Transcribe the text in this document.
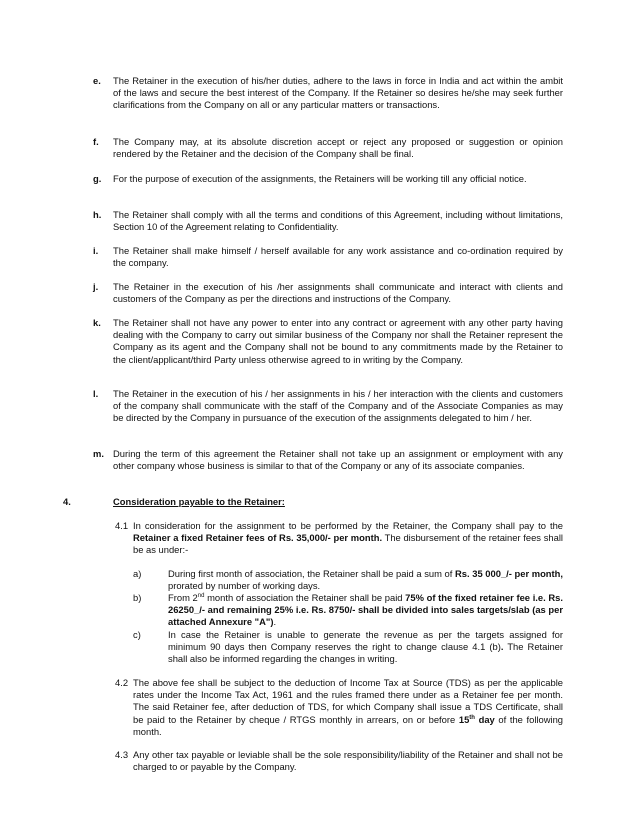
e. The Retainer in the execution of his/her duties, adhere to the laws in force in India and act within the ambit of the laws and secure the best interest of the Company. If the Retainer so desires he/she may seek further clarifications from the Company on all or any particular matters or transactions.

f. The Company may, at its absolute discretion accept or reject any proposed or suggestion or opinion rendered by the Retainer and the decision of the Company shall be final.

g. For the purpose of execution of the assignments, the Retainers will be working till any official notice.

h. The Retainer shall comply with all the terms and conditions of this Agreement, including without limitations, Section 10 of the Agreement relating to Confidentiality.

i. The Retainer shall make himself / herself available for any work assistance and co-ordination required by the company.

j. The Retainer in the execution of his /her assignments shall communicate and interact with clients and customers of the Company as per the directions and instructions of the Company.

k. The Retainer shall not have any power to enter into any contract or agreement with any other party having dealing with the Company to carry out similar business of the Company nor shall the Retainer represent the Company as its agent and the Company shall not be bound to any commitments made by the Retainer to the client/applicant/third Party unless otherwise agreed to in writing by the Company.

l. The Retainer in the execution of his / her assignments in his / her interaction with the clients and customers of the company shall communicate with the staff of the Company and of the Associate Companies as may be directed by the Company in pursuance of the execution of the assignments delegated to him / her.

m. During the term of this agreement the Retainer shall not take up an assignment or employment with any other company whose business is similar to that of the Company or any of its associate companies.

4.	Consideration payable to the Retainer:
4.1 In consideration for the assignment to be performed by the Retainer, the Company shall pay to the Retainer a fixed Retainer fees of Rs. 35,000/- per month. The disbursement of the retainer fees shall be as under:-

a)	During first month of association, the Retainer shall be paid a sum of Rs. 35 000_/- per month, prorated by number of working days.

b)	From 2nd month of association the Retainer shall be paid 75% of the fixed retainer fee i.e. Rs. 26250_/- and remaining 25% i.e. Rs. 8750/- shall be divided into sales targets/slab (as per attached Annexure "A").

c)	In case the Retainer is unable to generate the revenue as per the targets assigned for minimum 90 days then Company reserves the right to change clause 4.1 (b). The Retainer shall also be informed regarding the changes in writing.

4.2 The above fee shall be subject to the deduction of Income Tax at Source (TDS) as per the applicable rates under the Income Tax Act, 1961 and the rules framed there under as a Retainer fee per month. The said Retainer fee, after deduction of TDS, for which Company shall issue a TDS Certificate, shall be paid to the Retainer by cheque / RTGS monthly in arrears, on or before 15th day of the following month.

4.3 Any other tax payable or leviable shall be the sole responsibility/liability of the Retainer and shall not be charged to or payable by the Company.
